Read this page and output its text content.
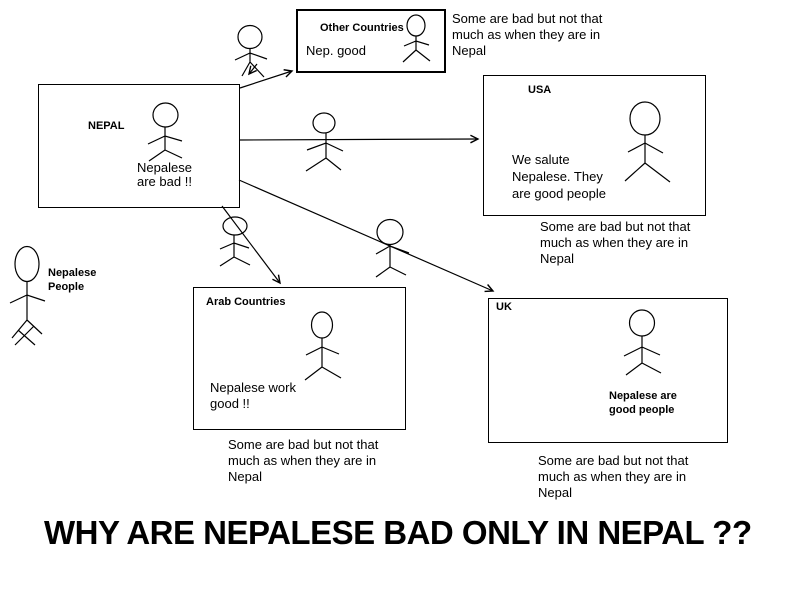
Other Countries
Nep. good
NEPAL
Nepalese
are bad !!
USA
We salute
Nepalese. They
are good people
Arab Countries
Nepalese work
good !!
UK
Nepalese are
good people
Nepalese
People
Some are bad but not that
much as when they are in
Nepal
Some are bad but not that
much as when they are in
Nepal
Some are bad but not that
much as when they are in
Nepal
Some are bad but not that
much as when they are in
Nepal
WHY ARE NEPALESE BAD ONLY IN NEPAL ??
